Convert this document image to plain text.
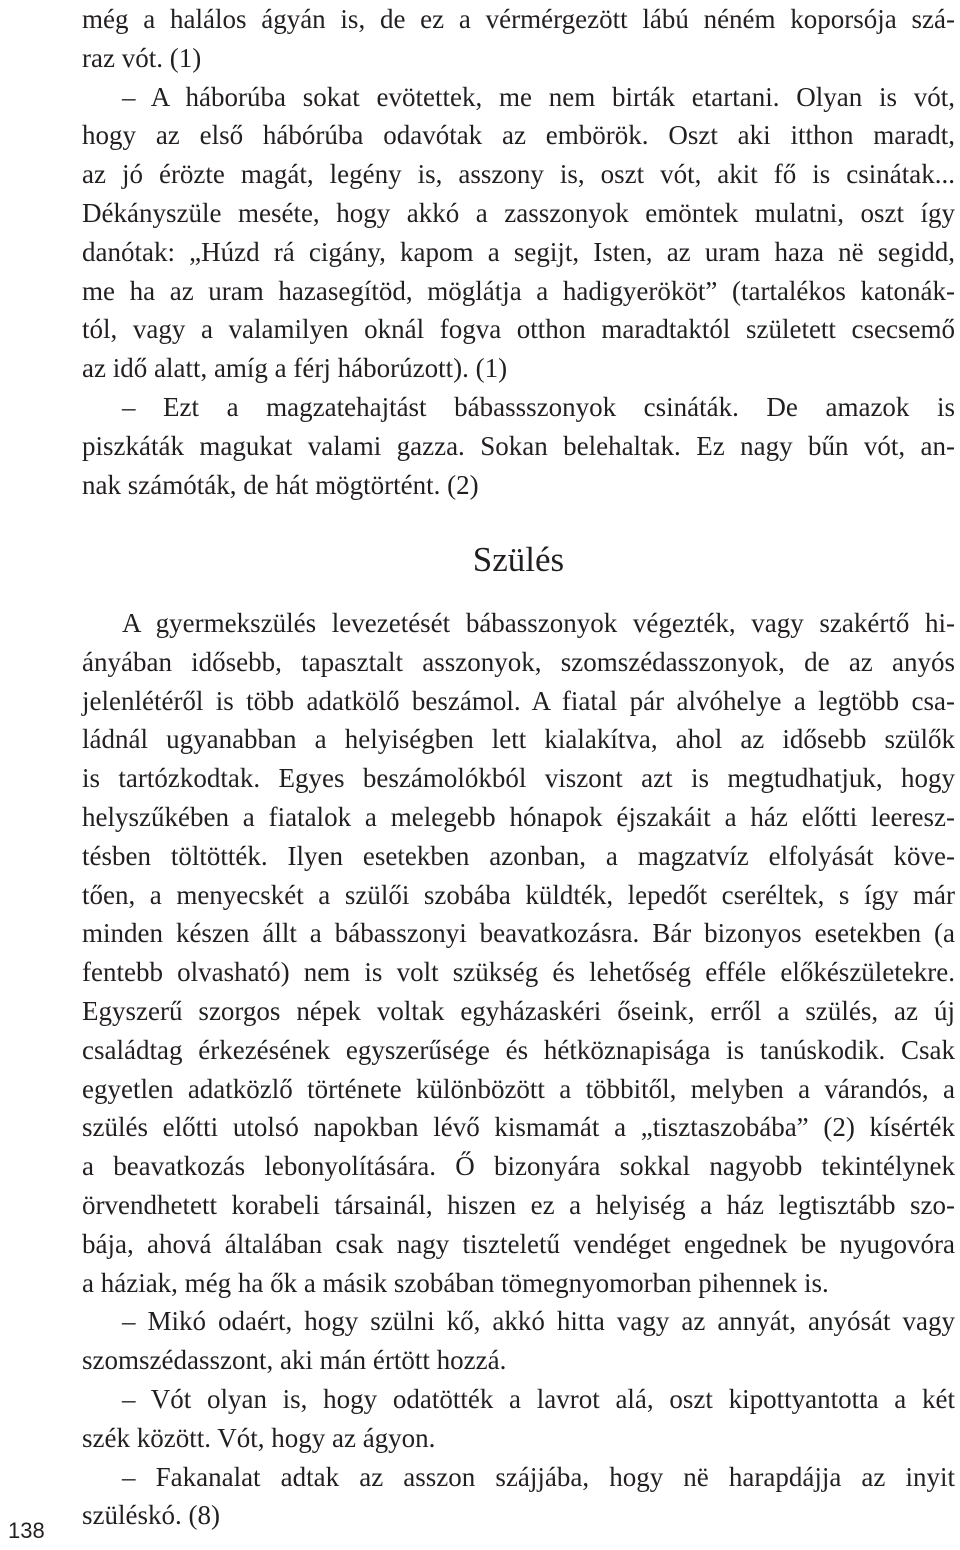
még a halálos ágyán is, de ez a vérmérgezött lábú néném koporsója szá-
raz vót. (1)
– A háborúba sokat evötettek, me nem birták etartani. Olyan is vót,
hogy az első hábórúba odavótak az embörök. Oszt aki itthon maradt,
az jó érözte magát, legény is, asszony is, oszt vót, akit fő is csinátak...
Dékányszüle meséte, hogy akkó a zasszonyok emöntek mulatni, oszt így
danótak: „Húzd rá cigány, kapom a segijt, Isten, az uram haza në segidd,
me ha az uram hazasegítöd, möglátja a hadigyerököt” (tartalékos katonák-
tól, vagy a valamilyen oknál fogva otthon maradtaktól született csecsemő
az idő alatt, amíg a férj háborúzott). (1)
– Ezt a magzatehajtást bábassszonyok csináták. De amazok is
piszkáták magukat valami gazza. Sokan belehaltak. Ez nagy bűn vót, an-
nak számóták, de hát mögtörtént. (2)
Szülés
A gyermekszülés levezetését bábasszonyok végezték, vagy szakértő hi-
ányában idősebb, tapasztalt asszonyok, szomszédasszonyok, de az anyós
jelenlétéről is több adatkölő beszámol. A fiatal pár alvóhelye a legtöbb csa-
ládnál ugyanabban a helyiségben lett kialakítva, ahol az idősebb szülők
is tartózkodtak. Egyes beszámolókból viszont azt is megtudhatjuk, hogy
helyszűkében a fiatalok a melegebb hónapok éjszakáit a ház előtti leeresz-
tésben töltötték. Ilyen esetekben azonban, a magzatvíz elfolyását köve-
tően, a menyecskét a szülői szobába küldték, lepedőt cseréltek, s így már
minden készen állt a bábasszonyi beavatkozásra. Bár bizonyos esetekben (a
fentebb olvasható) nem is volt szükség és lehetőség efféle előkészületekre.
Egyszerű szorgos népek voltak egyházaskéri őseink, erről a szülés, az új
családtag érkezésének egyszerűsége és hétköznapisága is tanúskodik. Csak
egyetlen adatközlő története különbözött a többitől, melyben a várandós, a
szülés előtti utolsó napokban lévő kismamát a „tisztaszobába” (2) kísérték
a beavatkozás lebonyolítására. Ő bizonyára sokkal nagyobb tekintélynek
örvendhetett korabeli társainál, hiszen ez a helyiség a ház legtisztább szo-
bája, ahová általában csak nagy tiszteletű vendéget engednek be nyugovóra
a háziak, még ha ők a másik szobában tömegnyomorban pihennek is.
– Mikó odaért, hogy szülni kő, akkó hitta vagy az annyát, anyósát vagy
szomszédasszont, aki mán értött hozzá.
– Vót olyan is, hogy odatötték a lavrot alá, oszt kipottyantotta a két
szék között. Vót, hogy az ágyon.
– Fakanalat adtak az asszon szájjába, hogy në harapdájja az inyit
szüléskó. (8)
138
